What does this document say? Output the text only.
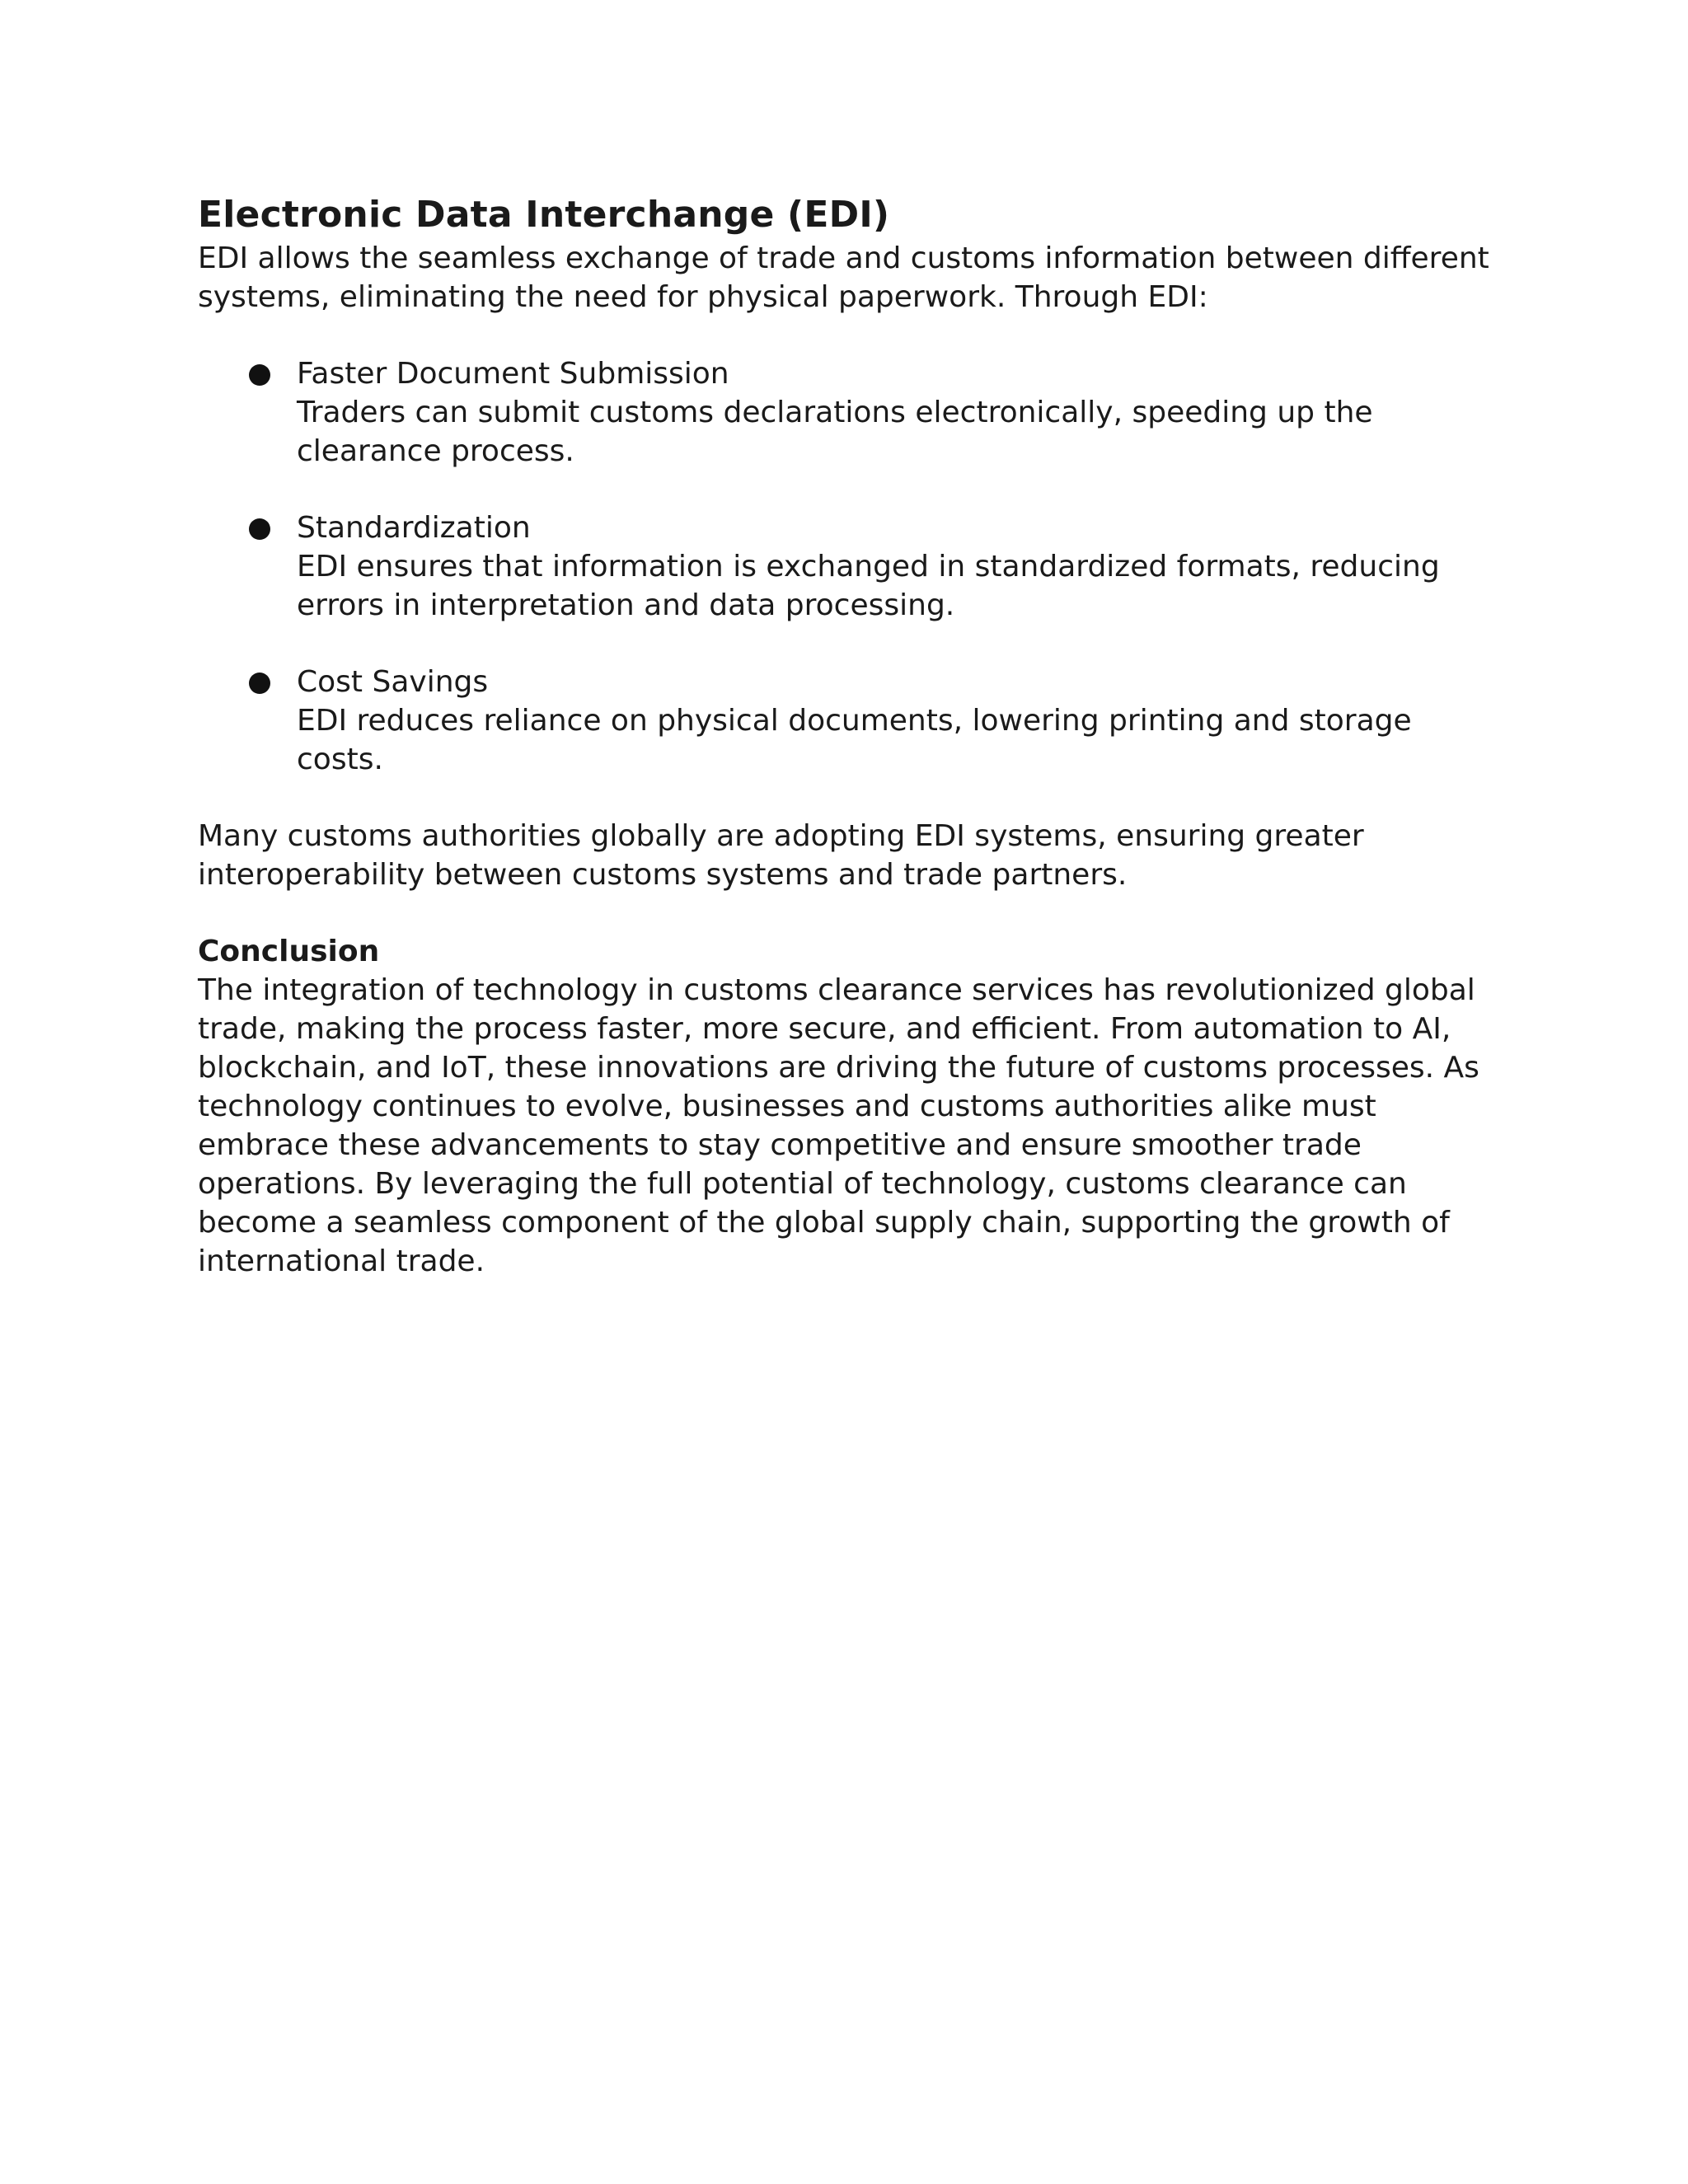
Electronic Data Interchange (EDI)

EDI allows the seamless exchange of trade and customs information between different systems, eliminating the need for physical paperwork. Through EDI:

Faster Document Submission
Traders can submit customs declarations electronically, speeding up the clearance process.
Standardization
EDI ensures that information is exchanged in standardized formats, reducing errors in interpretation and data processing.
Cost Savings
EDI reduces reliance on physical documents, lowering printing and storage costs.

Many customs authorities globally are adopting EDI systems, ensuring greater interoperability between customs systems and trade partners.

Conclusion

The integration of technology in customs clearance services has revolutionized global trade, making the process faster, more secure, and efficient. From automation to AI, blockchain, and IoT, these innovations are driving the future of customs processes. As technology continues to evolve, businesses and customs authorities alike must embrace these advancements to stay competitive and ensure smoother trade operations. By leveraging the full potential of technology, customs clearance can become a seamless component of the global supply chain, supporting the growth of international trade.
